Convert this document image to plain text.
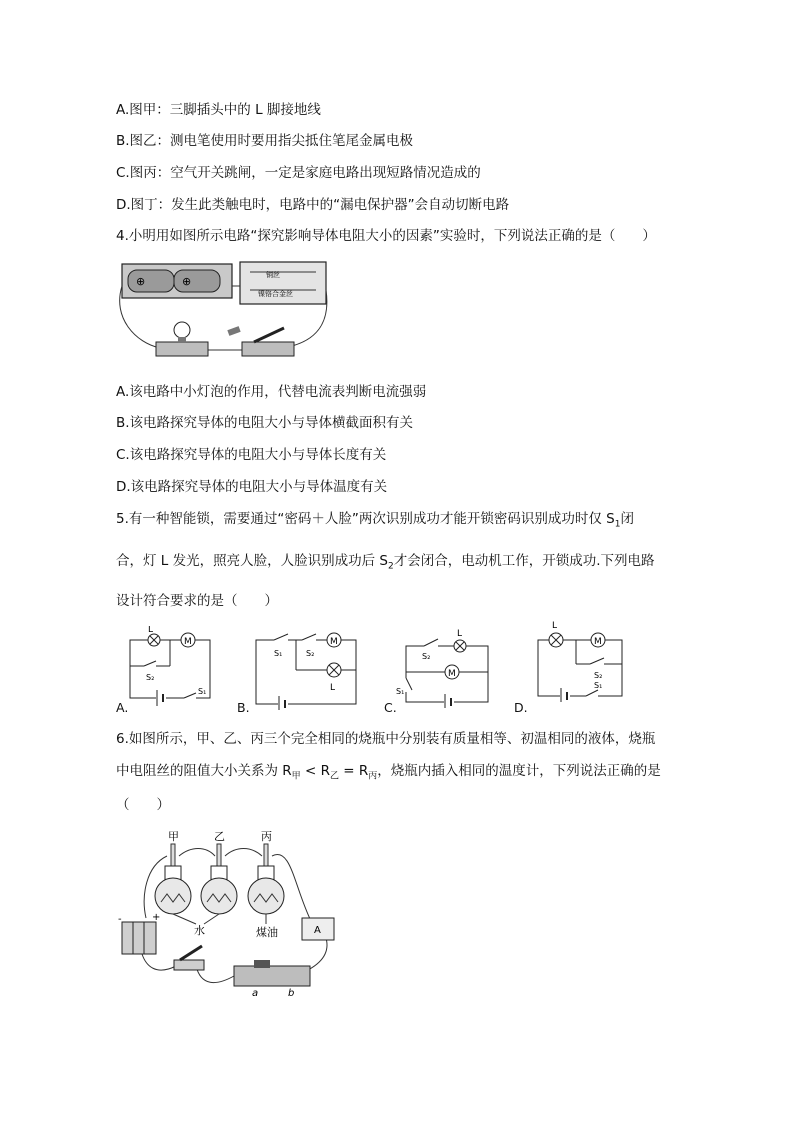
A.图甲：三脚插头中的 L 脚接地线
B.图乙：测电笔使用时要用指尖抵住笔尾金属电极
C.图丙：空气开关跳闸，一定是家庭电路出现短路情况造成的
D.图丁：发生此类触电时，电路中的“漏电保护器”会自动切断电路
4.小明用如图所示电路“探究影响导体电阻大小的因素”实验时，下列说法正确的是（　　）
⊕	⊕	铜丝
镍铬合金丝
A.该电路中小灯泡的作用，代替电流表判断电流强弱
B.该电路探究导体的电阻大小与导体横截面积有关
C.该电路探究导体的电阻大小与导体长度有关
D.该电路探究导体的电阻大小与导体温度有关
5.有一种智能锁，需要通过“密码＋人脸”两次识别成功才能开锁密码识别成功时仅 $S_1$闭
合，灯 L 发光，照亮人脸，人脸识别成功后 $S_2$才会闭合，电动机工作，开锁成功.下列电路
设计符合要求的是（　　）
M
L
S₂
S₁
A.
S₁	S₂
M
L
B.
S₂
L
M
S₁
C.
L
M
S₂
S₁
D.
6.如图所示，甲、乙、丙三个完全相同的烧瓶中分别装有质量相等、初温相同的液体，烧瓶
中电阻丝的阻值大小关系为 $R_甲 < R_乙 = R_丙$，烧瓶内插入相同的温度计，下列说法正确的是
（　　）
甲	乙	丙
水	煤油
-	+
A
a	b
